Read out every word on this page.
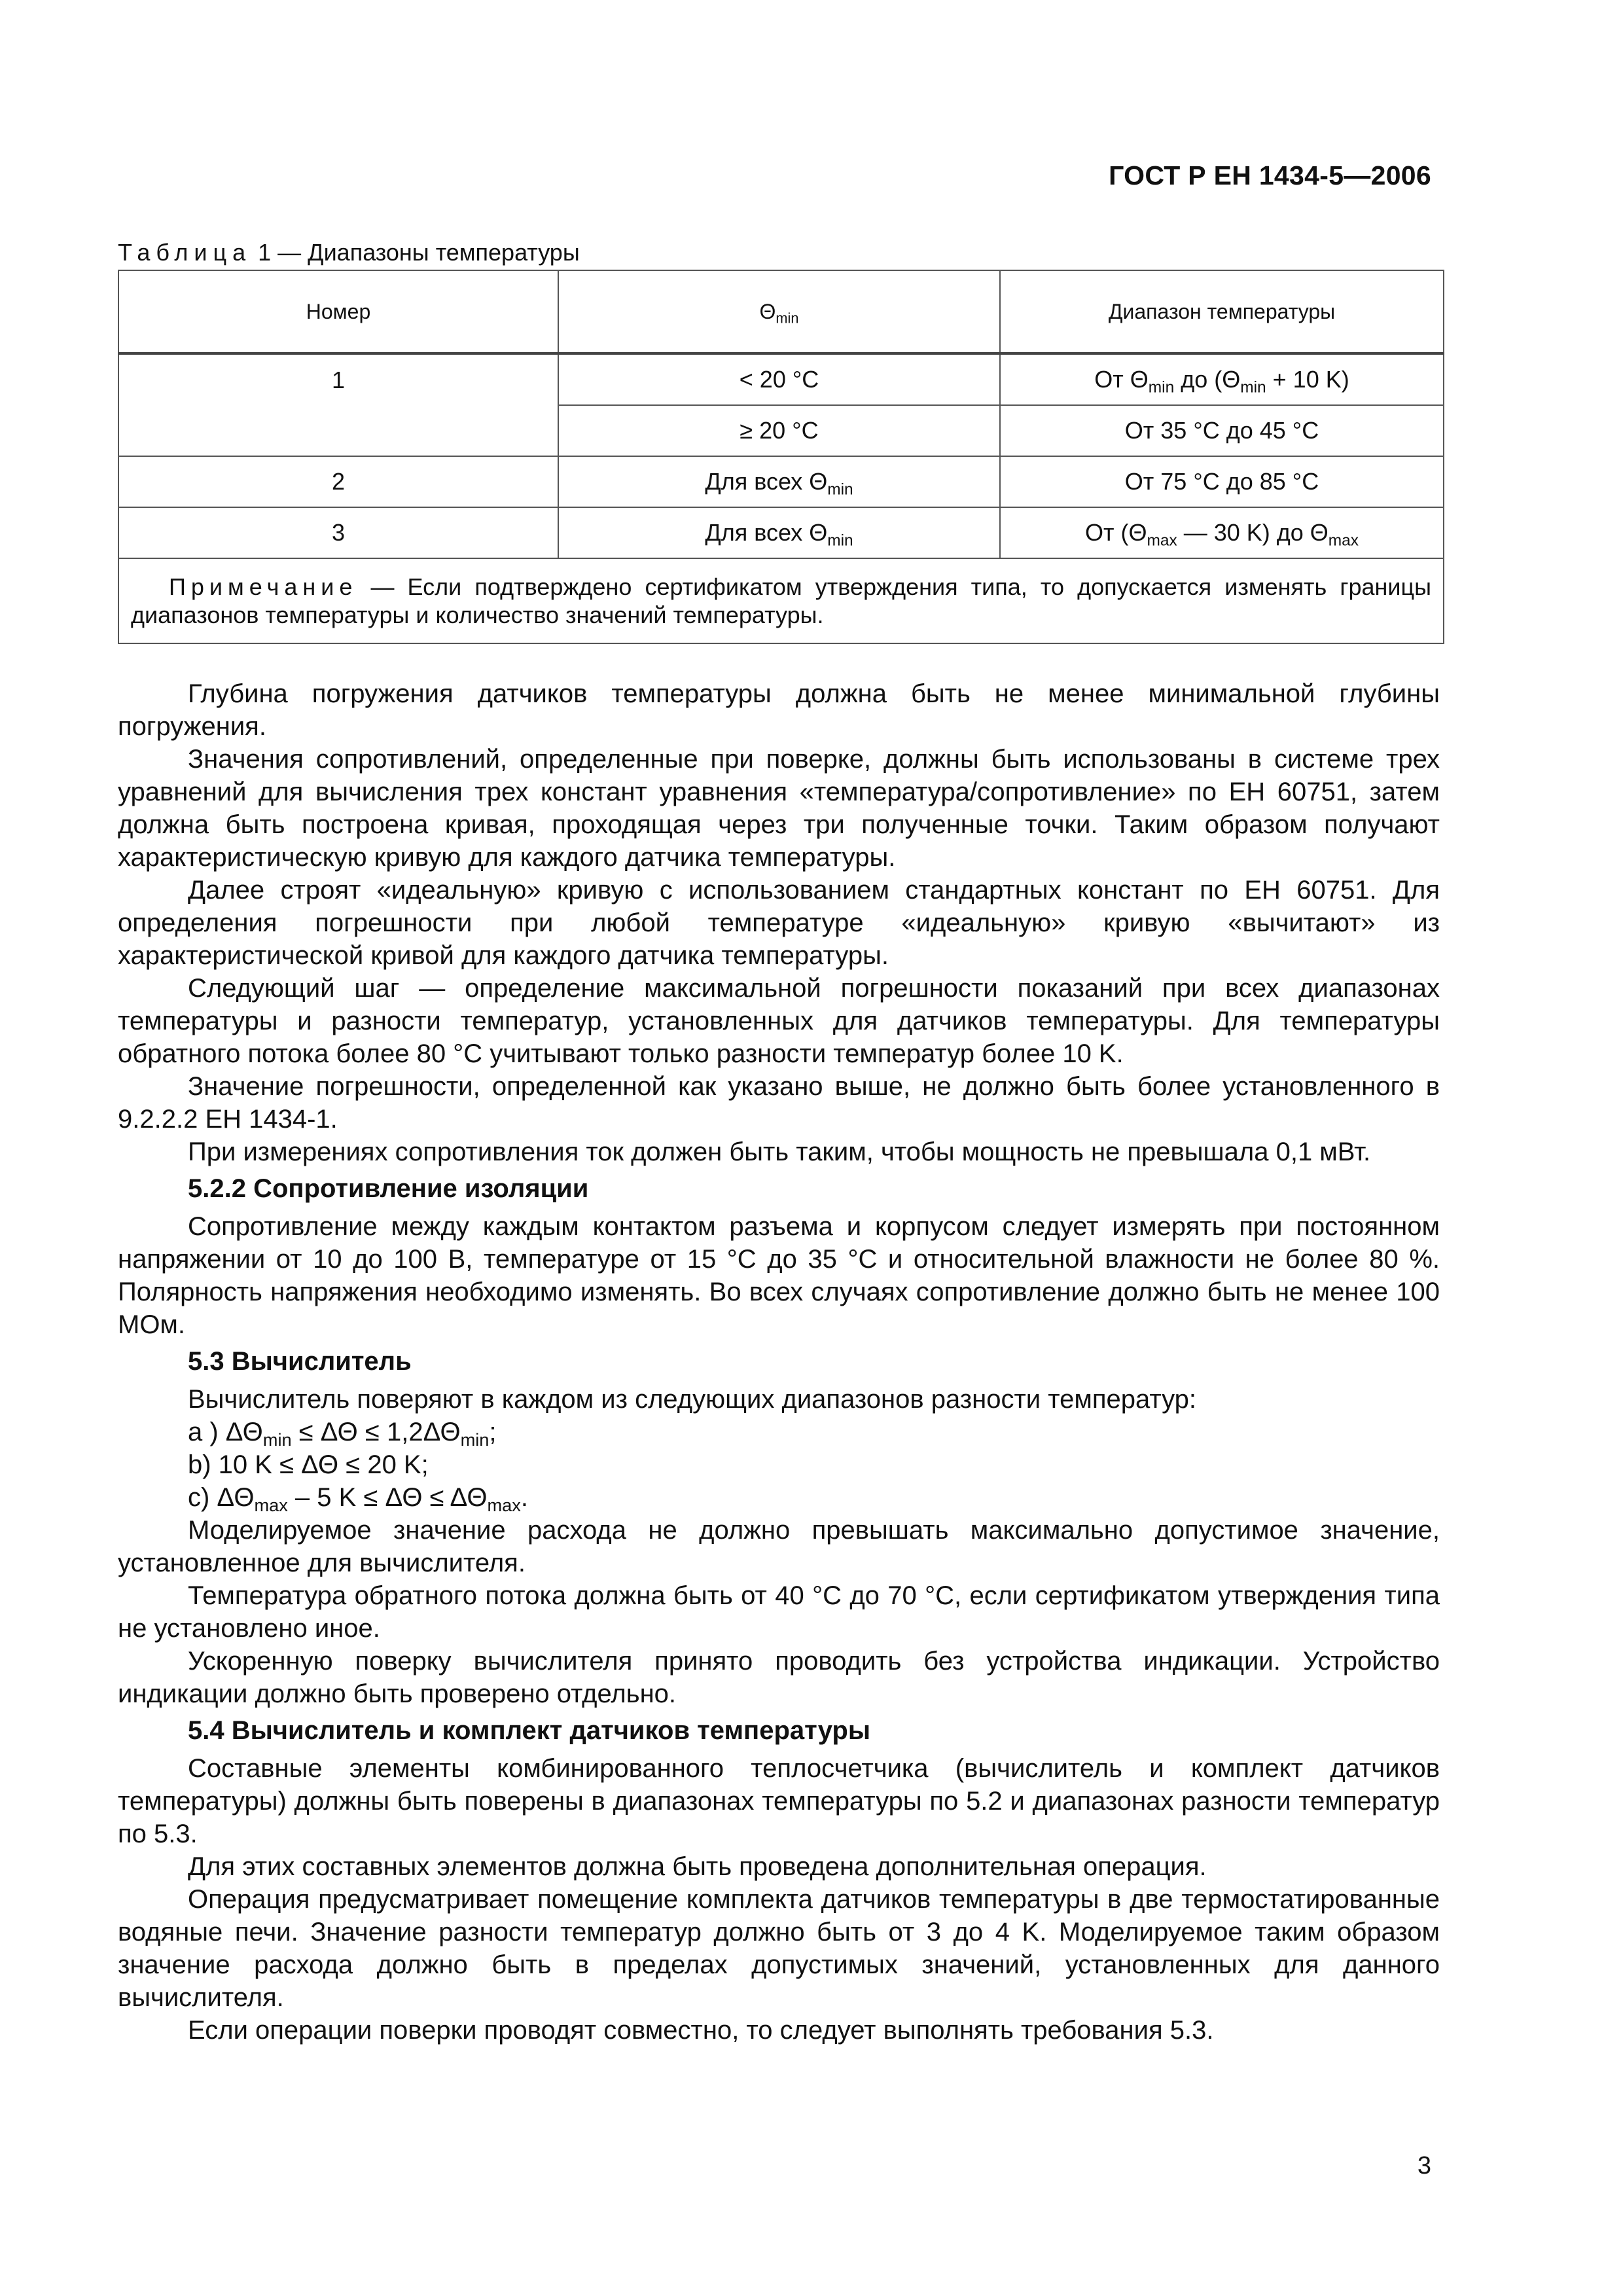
ГОСТ Р ЕН 1434-5—2006
Таблица 1 — Диапазоны температуры
Номер	$\Theta_{min}$	Диапазон температуры
1	< 20 °C	От $\Theta_{min}$ до ($\Theta_{min} + 10$ K)
	≥ 20 °C	От 35 °C до 45 °C
2	Для всех $\Theta_{min}$	От 75 °C до 85 °C
3	Для всех $\Theta_{min}$	От ($\Theta_{max}$ — 30 K) до $\Theta_{max}$
Примечание — Если подтверждено сертификатом утверждения типа, то допускается изменять границы диапазонов температуры и количество значений температуры.		

Глубина погружения датчиков температуры должна быть не менее минимальной глубины погружения.

Значения сопротивлений, определенные при поверке, должны быть использованы в системе трех уравнений для вычисления трех констант уравнения «температура/сопротивление» по ЕН 60751, затем должна быть построена кривая, проходящая через три полученные точки. Таким образом получают характеристическую кривую для каждого датчика температуры.

Далее строят «идеальную» кривую с использованием стандартных констант по ЕН 60751. Для определения погрешности при любой температуре «идеальную» кривую «вычитают» из характеристической кривой для каждого датчика температуры.

Следующий шаг — определение максимальной погрешности показаний при всех диапазонах температуры и разности температур, установленных для датчиков температуры. Для температуры обратного потока более 80 °C учитывают только разности температур более 10 K.

Значение погрешности, определенной как указано выше, не должно быть более установленного в 9.2.2.2 ЕН 1434-1.

При измерениях сопротивления ток должен быть таким, чтобы мощность не превышала 0,1 мВт.

5.2.2 Сопротивление изоляции

Сопротивление между каждым контактом разъема и корпусом следует измерять при постоянном напряжении от 10 до 100 В, температуре от 15 °C до 35 °C и относительной влажности не более 80 %. Полярность напряжения необходимо изменять. Во всех случаях сопротивление должно быть не менее 100 МОм.

5.3 Вычислитель

Вычислитель поверяют в каждом из следующих диапазонов разности температур:

a ) $\Delta\Theta_{min} \le \Delta\Theta \le 1,2\Delta\Theta_{min}$;

b) 10 K ≤ ΔΘ ≤ 20 K;

c) $\Delta\Theta_{max} - 5$ $K \le \Delta\Theta \le \Delta\Theta_{max}$.

Моделируемое значение расхода не должно превышать максимально допустимое значение, установленное для вычислителя.

Температура обратного потока должна быть от 40 °C до 70 °C, если сертификатом утверждения типа не установлено иное.

Ускоренную поверку вычислителя принято проводить без устройства индикации. Устройство индикации должно быть проверено отдельно.

5.4 Вычислитель и комплект датчиков температуры

Составные элементы комбинированного теплосчетчика (вычислитель и комплект датчиков температуры) должны быть поверены в диапазонах температуры по 5.2 и диапазонах разности температур по 5.3.

Для этих составных элементов должна быть проведена дополнительная операция.

Операция предусматривает помещение комплекта датчиков температуры в две термостатированные водяные печи. Значение разности температур должно быть от 3 до 4 K. Моделируемое таким образом значение расхода должно быть в пределах допустимых значений, установленных для данного вычислителя.

Если операции поверки проводят совместно, то следует выполнять требования 5.3.

3
